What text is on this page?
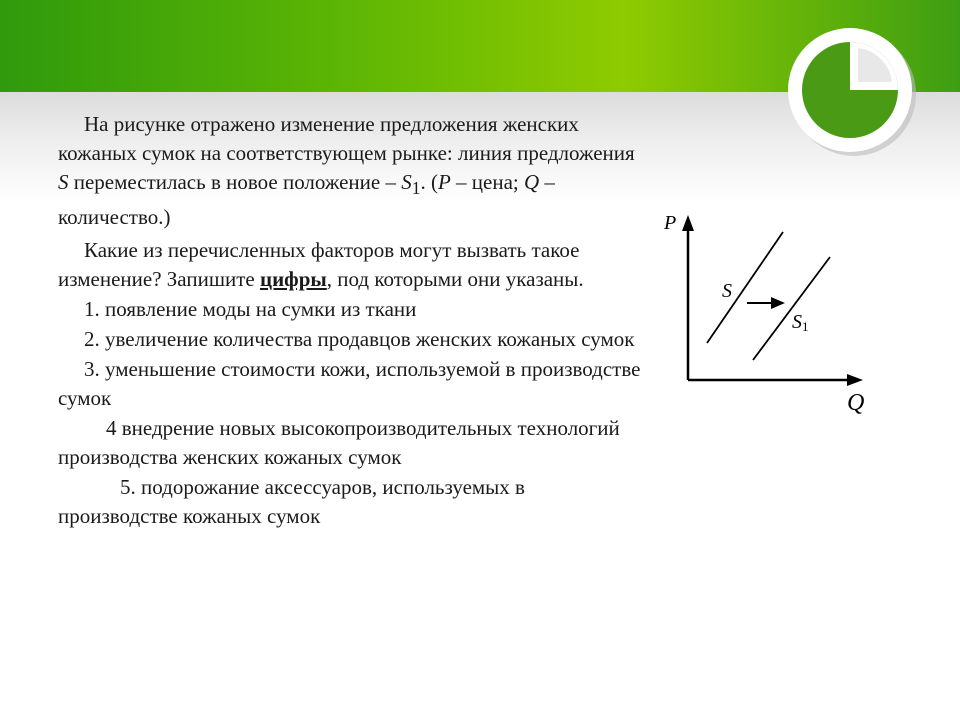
На рисунке отражено изменение предложения женских кожаных сумок на соответствующем рынке: линия предложения S переместилась в новое положение – $S_1$. (P – цена; Q – количество.)

Какие из перечисленных факторов могут вызвать такое изменение? Запишите цифры, под которыми они указаны.

1. появление моды на сумки из ткани

2. увеличение количества продавцов женских кожаных сумок

3. уменьшение стоимости кожи, используемой в производстве сумок

4 внедрение новых высокопроизводительных технологий производства женских кожаных сумок

5. подорожание аксессуаров, используемых в производстве кожаных сумок

P
Q
S
S1
